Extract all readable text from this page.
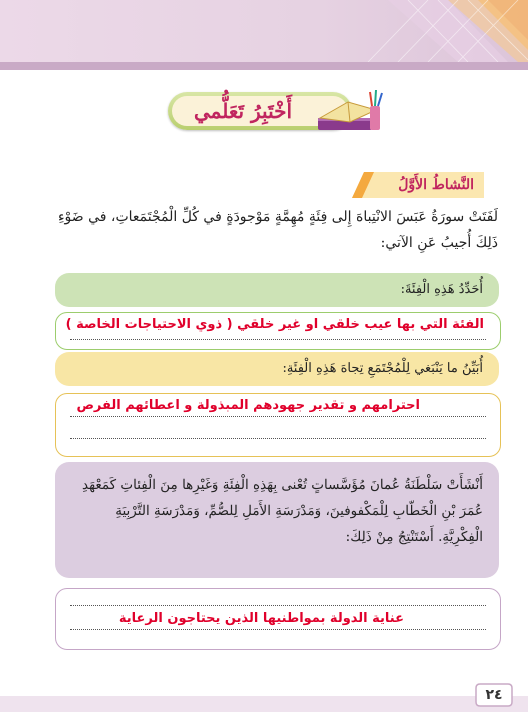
أَخْتَبِرُ تَعَلُّمي
النَّشاطُ الأَوَّلُ
لَفَتَتْ سورَةُ عَبَسَ الانْتِباهَ إِلى فِئَةٍ مُهِمَّةٍ مَوْجودَةٍ في كُلِّ الْمُجْتَمَعاتِ، في ضَوْءِ ذَلِكَ أُجيبُ عَنِ الآتي:
أُحَدِّدُ هَذِهِ الْفِئَةَ:
الفئة التي بها عيب خلقي او غير خلقي ( ذوي الاحتياجات الخاصة )
أُبَيِّنُ ما يَنْبَغي لِلْمُجْتَمَعِ تِجاهَ هَذِهِ الْفِئَةِ:
احترامهم و تقدير جهودهم المبذولة و اعطائهم الفرص
أَنْشَأَتْ سَلْطَنَةُ عُمانَ مُؤَسَّساتٍ تُعْنى بِهَذِهِ الْفِئَةِ وَغَيْرِها مِنَ الْفِئاتِ كَمَعْهَدِ عُمَرَ بْنِ الْخَطّابِ لِلْمَكْفوفينَ، وَمَدْرَسَةِ الأَمَلِ لِلصُّمِّ، وَمَدْرَسَةِ التَّرْبِيَةِ الْفِكْرِيَّةِ. أَسْتَنْتِجُ مِنْ ذَلِكَ:
عناية الدولة بمواطنيها الذين يحتاجون الرعاية
٢٤
